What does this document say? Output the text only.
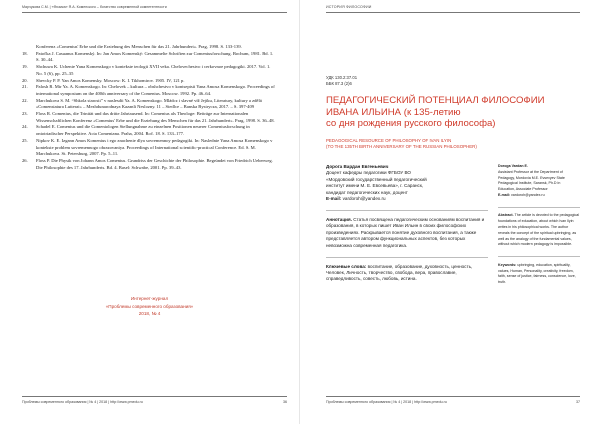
Марчукова С.М. | «Физика» Я.А. Коменского – богатство современной компетентности
Konferenz «Comenius' Erbe und die Erziehung des Menschen für das 21. Jahrhundert». Prag, 1998. S. 133-139.
18.	Patočka J. Casuanus Komenský. In: Jan Amos Komenský: Gesammelte Schriften zur Comeniusforschung. Bochum, 1981. Bd. 1. S. 30–44.
19.	Shchuwa K. Uchenie Yana Komenskogo v kontekste teologii XVII veka. Chelovechestvo i cerkovnoe pedagogiki. 2017. Vol. 1. No. 5 (6), pp. 25–35
20.	Shevcky P. P. Yan Amos Komensky. Moscow: K. I. Tikhomirov. 1905. IV, 121 p.
21.	Palosh R. Mir Ya. A. Komenskogo. In: Chelovek – kultura – obshchestvo v kontseptsii Yana Amosa Komenskogo. Proceedings of international symposium on the 400th anniversary of the Comenius. Moscow. 1992. Pp. 46–64.
22.	Marchukova S. M. “Shkola starosti” v naslesdii Ya. A. Komenskogo. Mládcz i slavné víž Jejiku, Literatury, kultury a zdělá «Comenstatura Lutterai» – Mezhdunarodnaya Kazanli Neslozny. 11 – Siedlce – Banska Bystrycza, 2017. – S. 397-409
23.	Floss R. Comenius, die Trinität und das dritte Jahrtausend. In: Comenius als Theologe: Beiträge zur Internationalen Wissenschaftlichen Konferenz «Comenius' Erbe und die Erziehung des Menschen für das 21. Jahrhundert». Prag, 1998. S. 36–48.
24.	Schadel E. Comenius und die Comeniologen Stellungnahme zu einzelnen Positionen neuerer Comeniusforschung in ontotriadischer Perspektive. Acta Comeniana. Praha, 2004. Roč. 18. S. 133–177.
25.	Nipkov K. E. Izgann Amos Komenius i ego znachenie dlya sovremennoy pedagogiki. In: Naslednie Yana Amosa Komenskogo v kontekste problem sovremennogo obrazovaniya. Proceedings of International scientific-practical Conference. Ed. S. M. Marchukova. St. Petersburg, 2007. Pp. 5–11.
26.	Floss P. Die Physik von Johann Amos Comenius. Grundriss der Geschichte der Philosophie. Begründet von Friedrich Ueberweg. Die Philosophie des 17. Jahrhunderts. Bd. 4. Basel: Schwabe, 2001. Pp. 39–43.
Интернет-журнал
«Проблемы современного образования»
2018, № 4
Проблемы современного образования | № 4 | 2018 | http://www.pmedu.ru	36
ИСТОРИЯ ФИЛОСОФИИ
УДК 130.2:37.01
ББК 87.3 (2)6
ПЕДАГОГИЧЕСКИЙ ПОТЕНЦИАЛ ФИЛОСОФИИ
ИВАНА ИЛЬИНА (к 135-летию
со дня рождения русского философа)
PEDAGOGICAL RESOURCE OF PHILOSOPHY OF IVAN ILYIN
(TO THE 135TH BIRTH ANNIVERSARY OF THE RUSSIAN PHILOSOPHER)
Дорога Вардан Евгеньевич
Доцент кафедры педагогики ФГБОУ ВО
«Мордовский государственный педагогический
институт имени М. Е. Евсевьева», г. Саранск,
кандидат педагогических наук, доцент
E-mail: vardoroh@yandex.ru
Аннотация. Статья посвящена педагогическим основаниям воспитания и образования, в которых пишет Иван Ильин в своих философских произведениях. Раскрывается понятие духовного воспитания, а также представляется автором функциональных аспектов, без которых невозможна современная педагогика.
Ключевые слова: воспитание, образование, духовность, ценность, Человек, Личность, творчество, свобода, вера, православие, справедливость, совесть, любовь, истина.
Doroga Vardan E.
Assistant Professor at the Department of
Pedagogy, Mordovia M.E. Evsevyev State
Pedagogical Institute, Saransk, Ph.D in
Education, Associate Professor
E-mail: vardoroh@yandex.ru
Abstract. The article is devoted to the pedagogical foundations of education, about which Ivan Ilyin writes in his philosophical works. The author reveals the concept of the spiritual upbringing, as well as the analogy of the fundamental values, without which modern pedagogy is impossible.
Keywords: upbringing, education, spirituality, values, Human, Personality, creativity, freedom, faith, sense of justice, fairness, conscience, love, truth.
Проблемы современного образования | № 4 | 2018 | http://www.pmedu.ru	37
